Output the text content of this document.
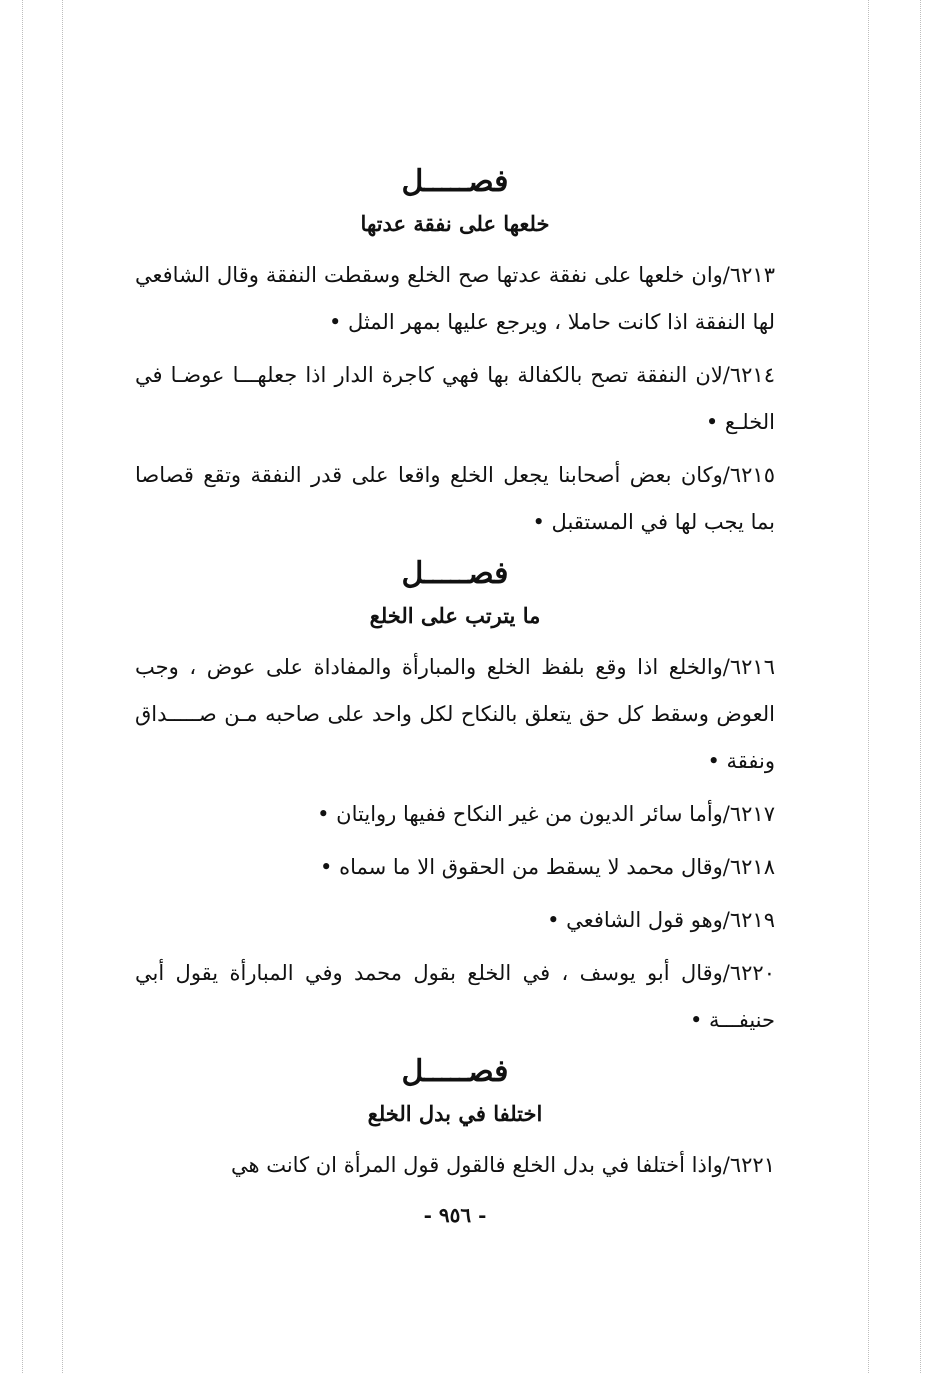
فصـــــل

خلعها على نفقة عدتها

٦٢١٣/وان خلعها على نفقة عدتها صح الخلع وسقطت النفقة وقال الشافعي لها النفقة اذا كانت حاملا ، ويرجع عليها بمهر المثل •

٦٢١٤/لان النفقة تصح بالكفالة بها فهي كاجرة الدار اذا جعلهـــا عوضـا في الخلـع •

٦٢١٥/وكان بعض أصحابنا يجعل الخلع واقعا على قدر النفقة وتقع قصاصا بما يجب لها في المستقبل •

فصـــــل

ما يترتب على الخلع

٦٢١٦/والخلع اذا وقع بلفظ الخلع والمبارأة والمفاداة على عوض ، وجب العوض وسقط كل حق يتعلق بالنكاح لكل واحد على صاحبه مـن صـــــداق ونفقة •

٦٢١٧/وأما سائر الديون من غير النكاح ففيها روايتان •

٦٢١٨/وقال محمد لا يسقط من الحقوق الا ما سماه •

٦٢١٩/وهو قول الشافعي •

٦٢٢٠/وقال أبو يوسف ، في الخلع بقول محمد وفي المبارأة يقول أبي حنيفـــة •

فصـــــل

اختلفا في بدل الخلع

٦٢٢١/واذا أختلفا في بدل الخلع فالقول قول المرأة ان كانت هي

- ٩٥٦ -
